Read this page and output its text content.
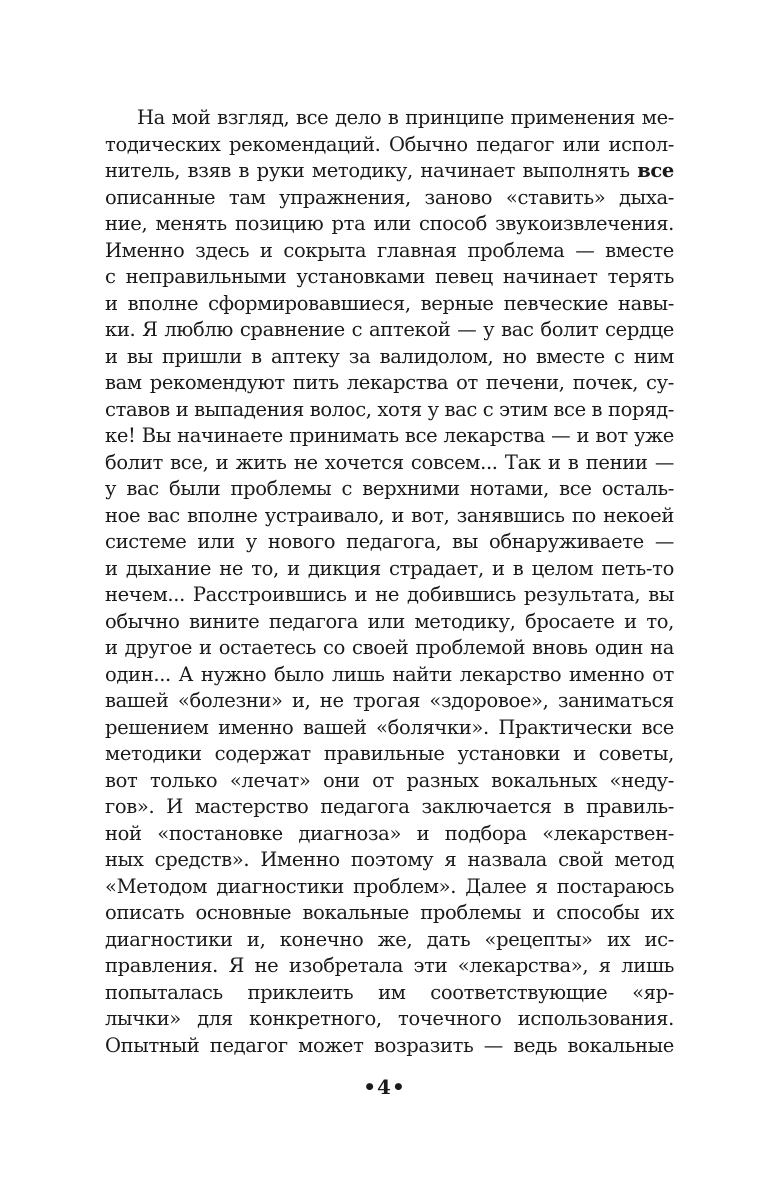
На мой взгляд, все дело в принципе применения ме-
тодических рекомендаций. Обычно педагог или испол-
нитель, взяв в руки методику, начинает выполнять все
описанные там упражнения, заново «ставить» дыха-
ние, менять позицию рта или способ звукоизвлечения.
Именно здесь и сокрыта главная проблема — вместе
с неправильными установками певец начинает терять
и вполне сформировавшиеся, верные певческие навы-
ки. Я люблю сравнение с аптекой — у вас болит сердце
и вы пришли в аптеку за валидолом, но вместе с ним
вам рекомендуют пить лекарства от печени, почек, су-
ставов и выпадения волос, хотя у вас с этим все в поряд-
ке! Вы начинаете принимать все лекарства — и вот уже
болит все, и жить не хочется совсем... Так и в пении —
у вас были проблемы с верхними нотами, все осталь-
ное вас вполне устраивало, и вот, занявшись по некоей
системе или у нового педагога, вы обнаруживаете —
и дыхание не то, и дикция страдает, и в целом петь-то
нечем... Расстроившись и не добившись результата, вы
обычно вините педагога или методику, бросаете и то,
и другое и остаетесь со своей проблемой вновь один на
один... А нужно было лишь найти лекарство именно от
вашей «болезни» и, не трогая «здоровое», заниматься
решением именно вашей «болячки». Практически все
методики содержат правильные установки и советы,
вот только «лечат» они от разных вокальных «неду-
гов». И мастерство педагога заключается в правиль-
ной «постановке диагноза» и подбора «лекарствен-
ных средств». Именно поэтому я назвала свой метод
«Методом диагностики проблем». Далее я постараюсь
описать основные вокальные проблемы и способы их
диагностики и, конечно же, дать «рецепты» их ис-
правления. Я не изобретала эти «лекарства», я лишь
попыталась приклеить им соответствующие «яр-
лычки» для конкретного, точечного использования.
Опытный педагог может возразить — ведь вокальные
•4•
